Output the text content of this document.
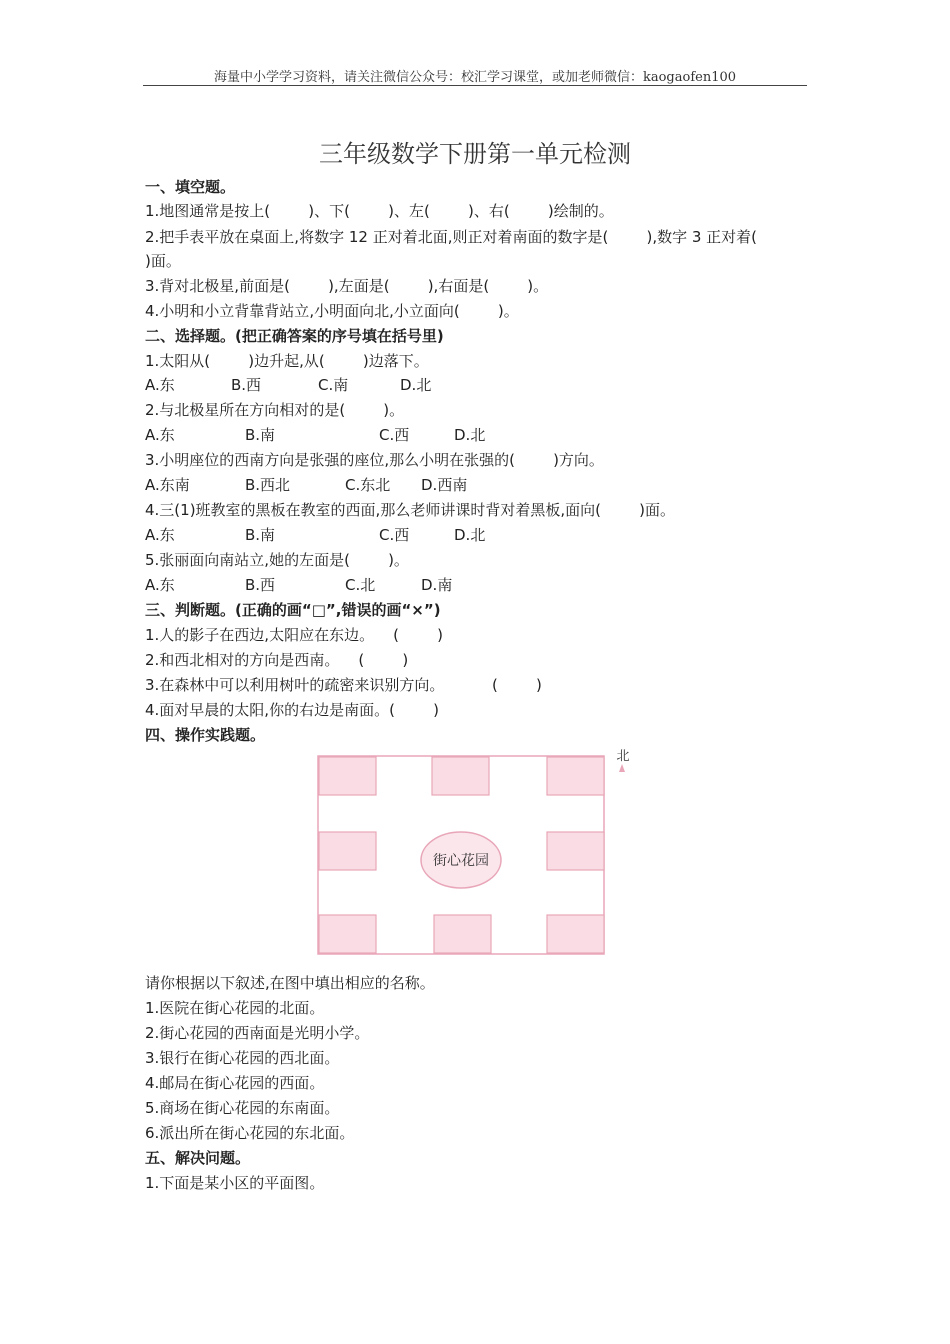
海量中小学学习资料，请关注微信公众号：校汇学习课堂，或加老师微信：kaogaofen100
三年级数学下册第一单元检测
一、填空题。
1.地图通常是按上(        )、下(        )、左(        )、右(        )绘制的。
2.把手表平放在桌面上,将数字 12 正对着北面,则正对着南面的数字是(        ),数字 3 正对着(
)面。
3.背对北极星,前面是(        ),左面是(        ),右面是(        )。
4.小明和小立背靠背站立,小明面向北,小立面向(        )。
二、选择题。(把正确答案的序号填在括号里)
1.太阳从(        )边升起,从(        )边落下。

A.东

	B.西

	C.南

	D.北

2.与北极星所在方向相对的是(        )。

A.东

	B.南

	C.西

	D.北

3.小明座位的西南方向是张强的座位,那么小明在张强的(        )方向。

A.东南

	B.西北

	C.东北

D.西南

4.三(1)班教室的黑板在教室的西面,那么老师讲课时背对着黑板,面向(        )面。

A.东

	B.南

	C.西

	D.北

5.张丽面向南站立,她的左面是(        )。

A.东

	B.西

	C.北

	D.南

三、判断题。(正确的画“□”,错误的画“×”)
1.人的影子在西边,太阳应在东边。    (        )
2.和西北相对的方向是西南。    (        )
3.在森林中可以利用树叶的疏密来识别方向。          (        )
4.面对早晨的太阳,你的右边是南面。(        )
四、操作实践题。
街心花园
北
请你根据以下叙述,在图中填出相应的名称。
1.医院在街心花园的北面。
2.街心花园的西南面是光明小学。
3.银行在街心花园的西北面。
4.邮局在街心花园的西面。
5.商场在街心花园的东南面。
6.派出所在街心花园的东北面。
五、解决问题。
1.下面是某小区的平面图。
